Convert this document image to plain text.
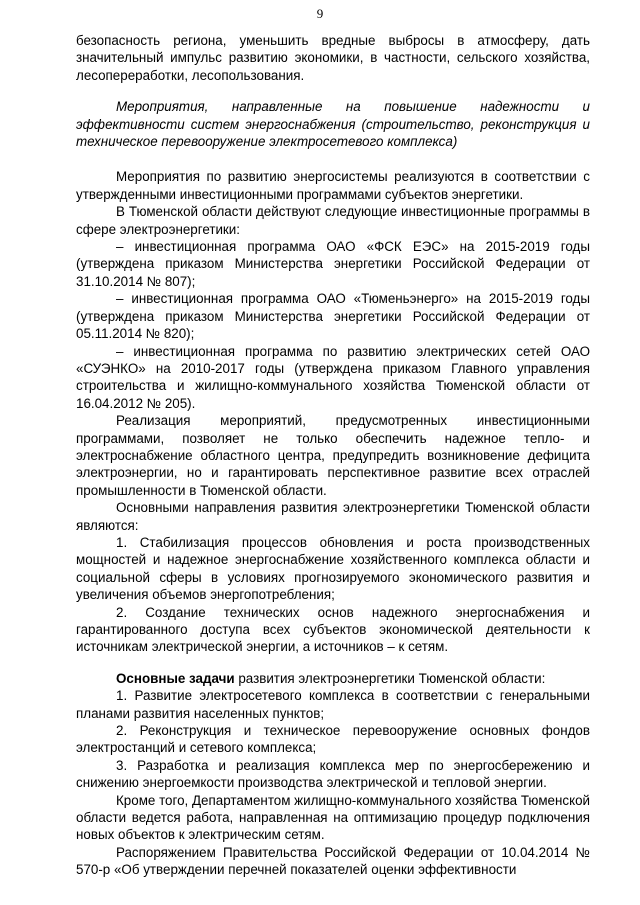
9

безопасность региона, уменьшить вредные выбросы в атмосферу, дать значительный импульс развитию экономики, в частности, сельского хозяйства, лесопереработки, лесопользования.

Мероприятия, направленные на повышение надежности и эффективности систем энергоснабжения (строительство, реконструкция и техническое перевооружение электросетевого комплекса)

Мероприятия по развитию энергосистемы реализуются в соответствии с утвержденными инвестиционными программами субъектов энергетики.

В Тюменской области действуют следующие инвестиционные программы в сфере электроэнергетики:

– инвестиционная программа ОАО «ФСК ЕЭС» на 2015-2019 годы (утверждена приказом Министерства энергетики Российской Федерации от 31.10.2014 № 807);

– инвестиционная программа ОАО «Тюменьэнерго» на 2015-2019 годы (утверждена приказом Министерства энергетики Российской Федерации от 05.11.2014 № 820);

– инвестиционная программа по развитию электрических сетей ОАО «СУЭНКО» на 2010-2017 годы (утверждена приказом Главного управления строительства и жилищно-коммунального хозяйства Тюменской области от 16.04.2012 № 205).

Реализация мероприятий, предусмотренных инвестиционными программами, позволяет не только обеспечить надежное тепло- и электроснабжение областного центра, предупредить возникновение дефицита электроэнергии, но и гарантировать перспективное развитие всех отраслей промышленности в Тюменской области.

Основными направления развития электроэнергетики Тюменской области являются:

1. Стабилизация процессов обновления и роста производственных мощностей и надежное энергоснабжение хозяйственного комплекса области и социальной сферы в условиях прогнозируемого экономического развития и увеличения объемов энергопотребления;

2. Создание технических основ надежного энергоснабжения и гарантированного доступа всех субъектов экономической деятельности к источникам электрической энергии, а источников – к сетям.

Основные задачи развития электроэнергетики Тюменской области:

1. Развитие электросетевого комплекса в соответствии с генеральными планами развития населенных пунктов;

2. Реконструкция и техническое перевооружение основных фондов электростанций и сетевого комплекса;

3. Разработка и реализация комплекса мер по энергосбережению и снижению энергоемкости производства электрической и тепловой энергии.

Кроме того, Департаментом жилищно-коммунального хозяйства Тюменской области ведется работа, направленная на оптимизацию процедур подключения новых объектов к электрическим сетям.

Распоряжением Правительства Российской Федерации от 10.04.2014 № 570-р «Об утверждении перечней показателей оценки эффективности
